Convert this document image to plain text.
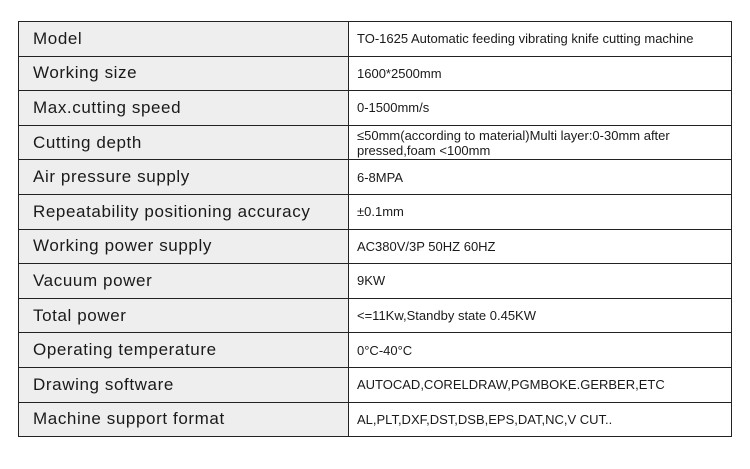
Model	TO-1625 Automatic feeding vibrating knife cutting machine
Working size	1600*2500mm
Max.cutting speed	0-1500mm/s
Cutting depth	≤50mm(according to material)Multi layer:0-30mm after
pressed,foam <100mm
Air pressure supply	6-8MPA
Repeatability positioning accuracy	±0.1mm
Working power supply	AC380V/3P 50HZ 60HZ
Vacuum power	9KW
Total power	<=11Kw,Standby state 0.45KW
Operating temperature	0°C-40°C
Drawing software	AUTOCAD,CORELDRAW,PGMBOKE.GERBER,ETC
Machine support format	AL,PLT,DXF,DST,DSB,EPS,DAT,NC,V CUT..
